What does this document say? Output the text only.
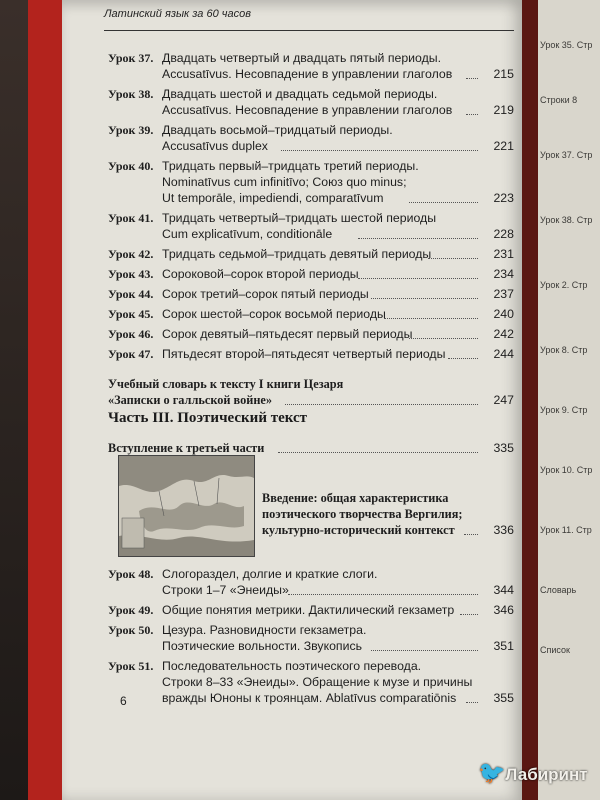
Урок 35. Стр
Строки 8
Урок 37. Стр
Урок 38. Стр
Урок 2. Стр
Урок 8. Стр
Урок 9. Стр
Урок 10. Стр
Урок 11. Стр
Словарь
Список
Латинский язык за 60 часов
Урок 37. Двадцать четвертый и двадцать пятый периоды.
Accusatīvus. Несовпадение в управлении глаголов	215
Урок 38. Двадцать шестой и двадцать седьмой периоды.
Accusatīvus. Несовпадение в управлении глаголов	219
Урок 39. Двадцать восьмой–тридцатый периоды.
Accusatīvus duplex	221
Урок 40. Тридцать первый–тридцать третий периоды.
Nominatīvus cum infinitīvo; Союз quo minus;
Ut temporāle, impediendi, comparatīvum	223
Урок 41. Тридцать четвертый–тридцать шестой периоды
Cum explicatīvum, conditionāle	228
Урок 42. Тридцать седьмой–тридцать девятый периоды	231
Урок 43. Сороковой–сорок второй периоды	234
Урок 44. Сорок третий–сорок пятый периоды	237
Урок 45. Сорок шестой–сорок восьмой периоды	240
Урок 46. Сорок девятый–пятьдесят первый периоды	242
Урок 47. Пятьдесят второй–пятьдесят четвертый периоды	244
Учебный словарь к тексту I книги Цезаря
«Записки о галльской войне»	247
Вступление к третьей части	335
Введение: общая характеристика
поэтического творчества Вергилия;
культурно-исторический контекст	336
Урок 48. Слогораздел, долгие и краткие слоги.
Строки 1–7 «Энеиды»	344
Урок 49. Общие понятия метрики. Дактилический гекзаметр	346
Урок 50. Цезура. Разновидности гекзаметра.
Поэтические вольности. Звукопись	351
Урок 51. Последовательность поэтического перевода.
Строки 8–33 «Энеиды». Обращение к музе и причины
вражды Юноны к троянцам. Ablatīvus comparatiōnis	355
Часть III. Поэтический текст
6
🐦Лабиринт
